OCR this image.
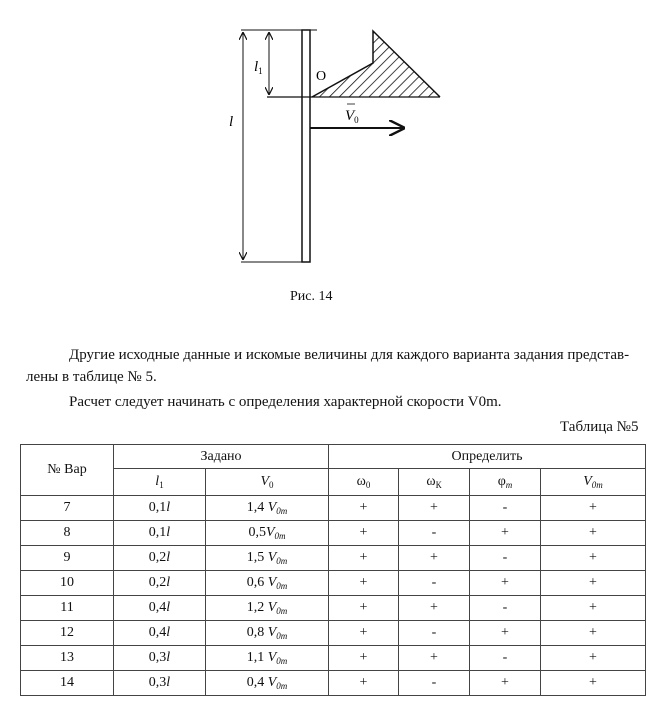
l
$l_1$	O
$V_0$
Рис. 14
Другие исходные данные и искомые величины для каждого варианта задания представ-
лены в таблице № 5.
Расчет следует начинать с определения характерной скорости V0m.
Таблица №5
№ Вар	Задано		Определить			
	$l_1$	$V_0$	$\omega_0$	$\omega_К$	$\varphi_m$	$V_{0m}$
7	0,1l	1,4 $V_{0m}$	+	+	-	+
8	0,1l	$0,5V_{0m}$	+	-	+	+
9	0,2l	1,5 $V_{0m}$	+	+	-	+
10	0,2l	0,6 $V_{0m}$	+	-	+	+
11	0,4l	1,2 $V_{0m}$	+	+	-	+
12	0,4l	0,8 $V_{0m}$	+	-	+	+
13	0,3l	1,1 $V_{0m}$	+	+	-	+
14	0,3l	0,4 $V_{0m}$	+	-	+	+
